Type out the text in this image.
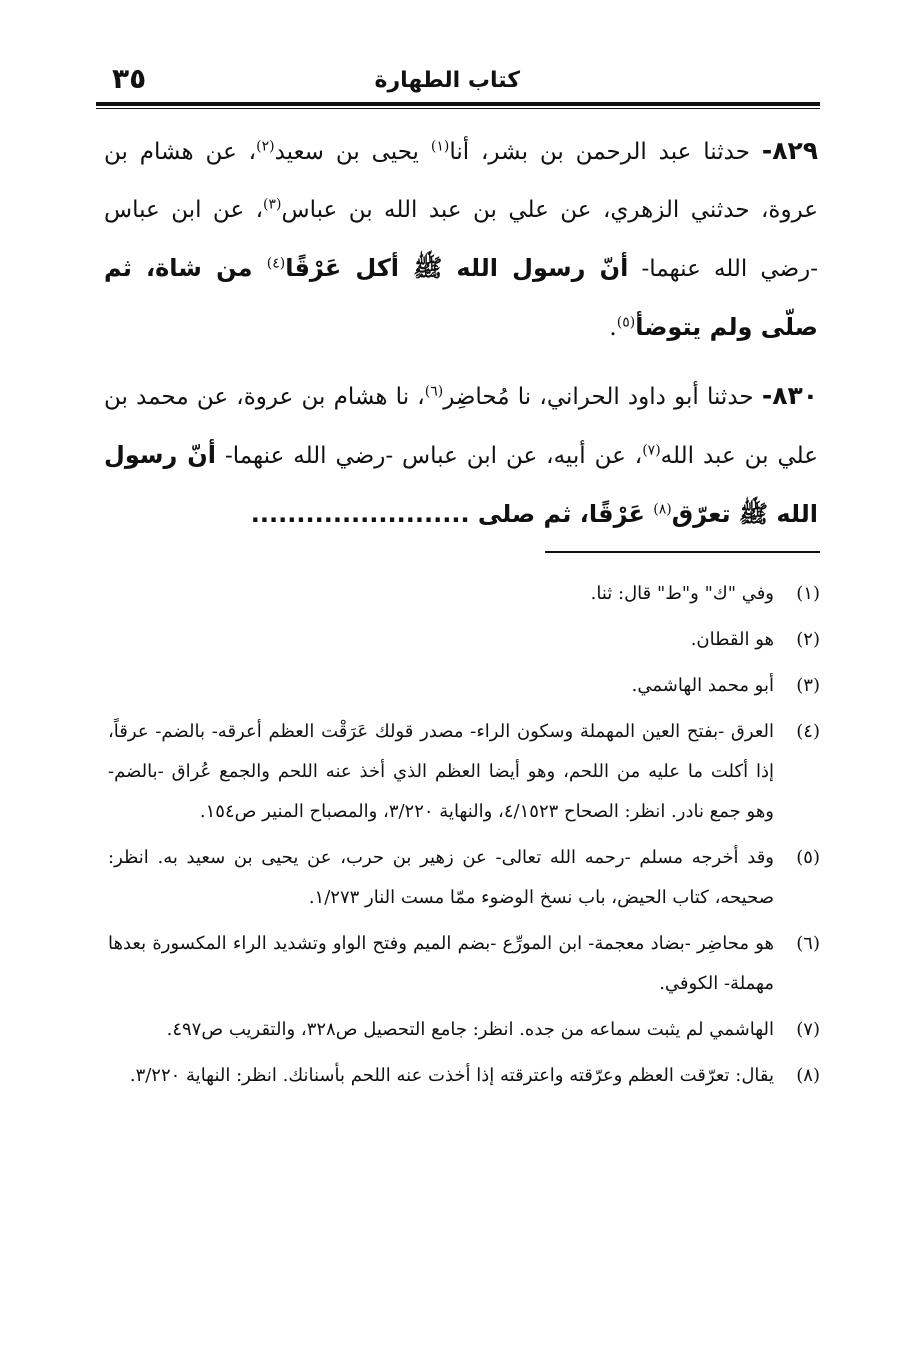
كتاب الطهارة
٣٥

٨٢٩- حدثنا عبد الرحمن بن بشر، أنا$^{(١)}$ يحيى بن سعيد$^{(٢)}$، عن هشام بن عروة، حدثني الزهري، عن علي بن عبد الله بن عباس$^{(٣)}$، عن ابن عباس -رضي الله عنهما- أنّ رسول الله ﷺ أكل عَرْقًا$^{(٤)}$ من شاة، ثم صلّى ولم يتوضأ$^{(٥)}$.

٨٣٠- حدثنا أبو داود الحراني، نا مُحاضِر$^{(٦)}$، نا هشام بن عروة، عن محمد بن علي بن عبد الله$^{(٧)}$، عن أبيه، عن ابن عباس -رضي الله عنهما- أنّ رسول الله ﷺ تعرّق$^{(٨)}$ عَرْقًا، ثم صلى ........................

(١)
وفي "ك" و"ط" قال: ثنا.
(٢)
هو القطان.
(٣)
أبو محمد الهاشمي.
(٤)
العرق -بفتح العين المهملة وسكون الراء- مصدر قولك عَرَقْت العظم أعرقه- بالضم- عرقاً، إذا أكلت ما عليه من اللحم، وهو أيضا العظم الذي أخذ عنه اللحم والجمع عُراق -بالضم- وهو جمع نادر. انظر: الصحاح ٤/١٥٢٣، والنهاية ٣/٢٢٠، والمصباح المنير ص١٥٤.
(٥)
وقد أخرجه مسلم -رحمه الله تعالى- عن زهير بن حرب، عن يحيى بن سعيد به. انظر: صحيحه، كتاب الحيض، باب نسخ الوضوء ممّا مست النار ١/٢٧٣.
(٦)
هو محاضِر -بضاد معجمة- ابن المورِّع -بضم الميم وفتح الواو وتشديد الراء المكسورة بعدها مهملة- الكوفي.
(٧)
الهاشمي لم يثبت سماعه من جده. انظر: جامع التحصيل ص٣٢٨، والتقريب ص٤٩٧.
(٨)
يقال: تعرّقت العظم وعرّقته واعترقته إذا أخذت عنه اللحم بأسنانك. انظر: النهاية ٣/٢٢٠.
